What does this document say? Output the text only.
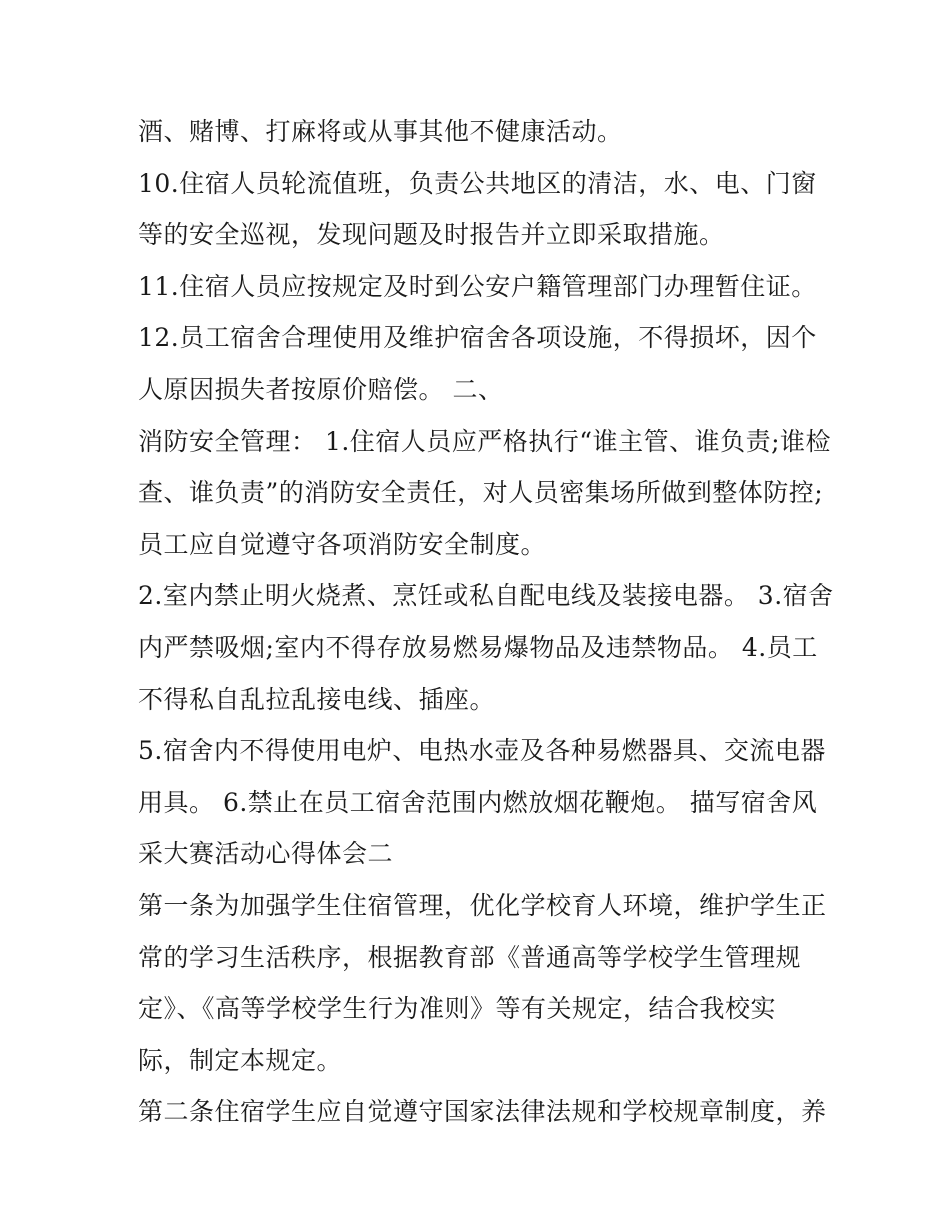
酒、赌博、打麻将或从事其他不健康活动。
10.住宿人员轮流值班，负责公共地区的清洁，水、电、门窗
等的安全巡视，发现问题及时报告并立即采取措施。
11.住宿人员应按规定及时到公安户籍管理部门办理暂住证。
12.员工宿舍合理使用及维护宿舍各项设施，不得损坏，因个
人原因损失者按原价赔偿。 二、
消防安全管理： 1.住宿人员应严格执行“谁主管、谁负责;谁检
查、谁负责”的消防安全责任，对人员密集场所做到整体防控;
员工应自觉遵守各项消防安全制度。
2.室内禁止明火烧煮、烹饪或私自配电线及装接电器。 3.宿舍
内严禁吸烟;室内不得存放易燃易爆物品及违禁物品。 4.员工
不得私自乱拉乱接电线、插座。
5.宿舍内不得使用电炉、电热水壶及各种易燃器具、交流电器
用具。 6.禁止在员工宿舍范围内燃放烟花鞭炮。 描写宿舍风
采大赛活动心得体会二
第一条为加强学生住宿管理，优化学校育人环境，维护学生正
常的学习生活秩序，根据教育部《普通高等学校学生管理规
定》、《高等学校学生行为准则》等有关规定，结合我校实
际，制定本规定。
第二条住宿学生应自觉遵守国家法律法规和学校规章制度，养
